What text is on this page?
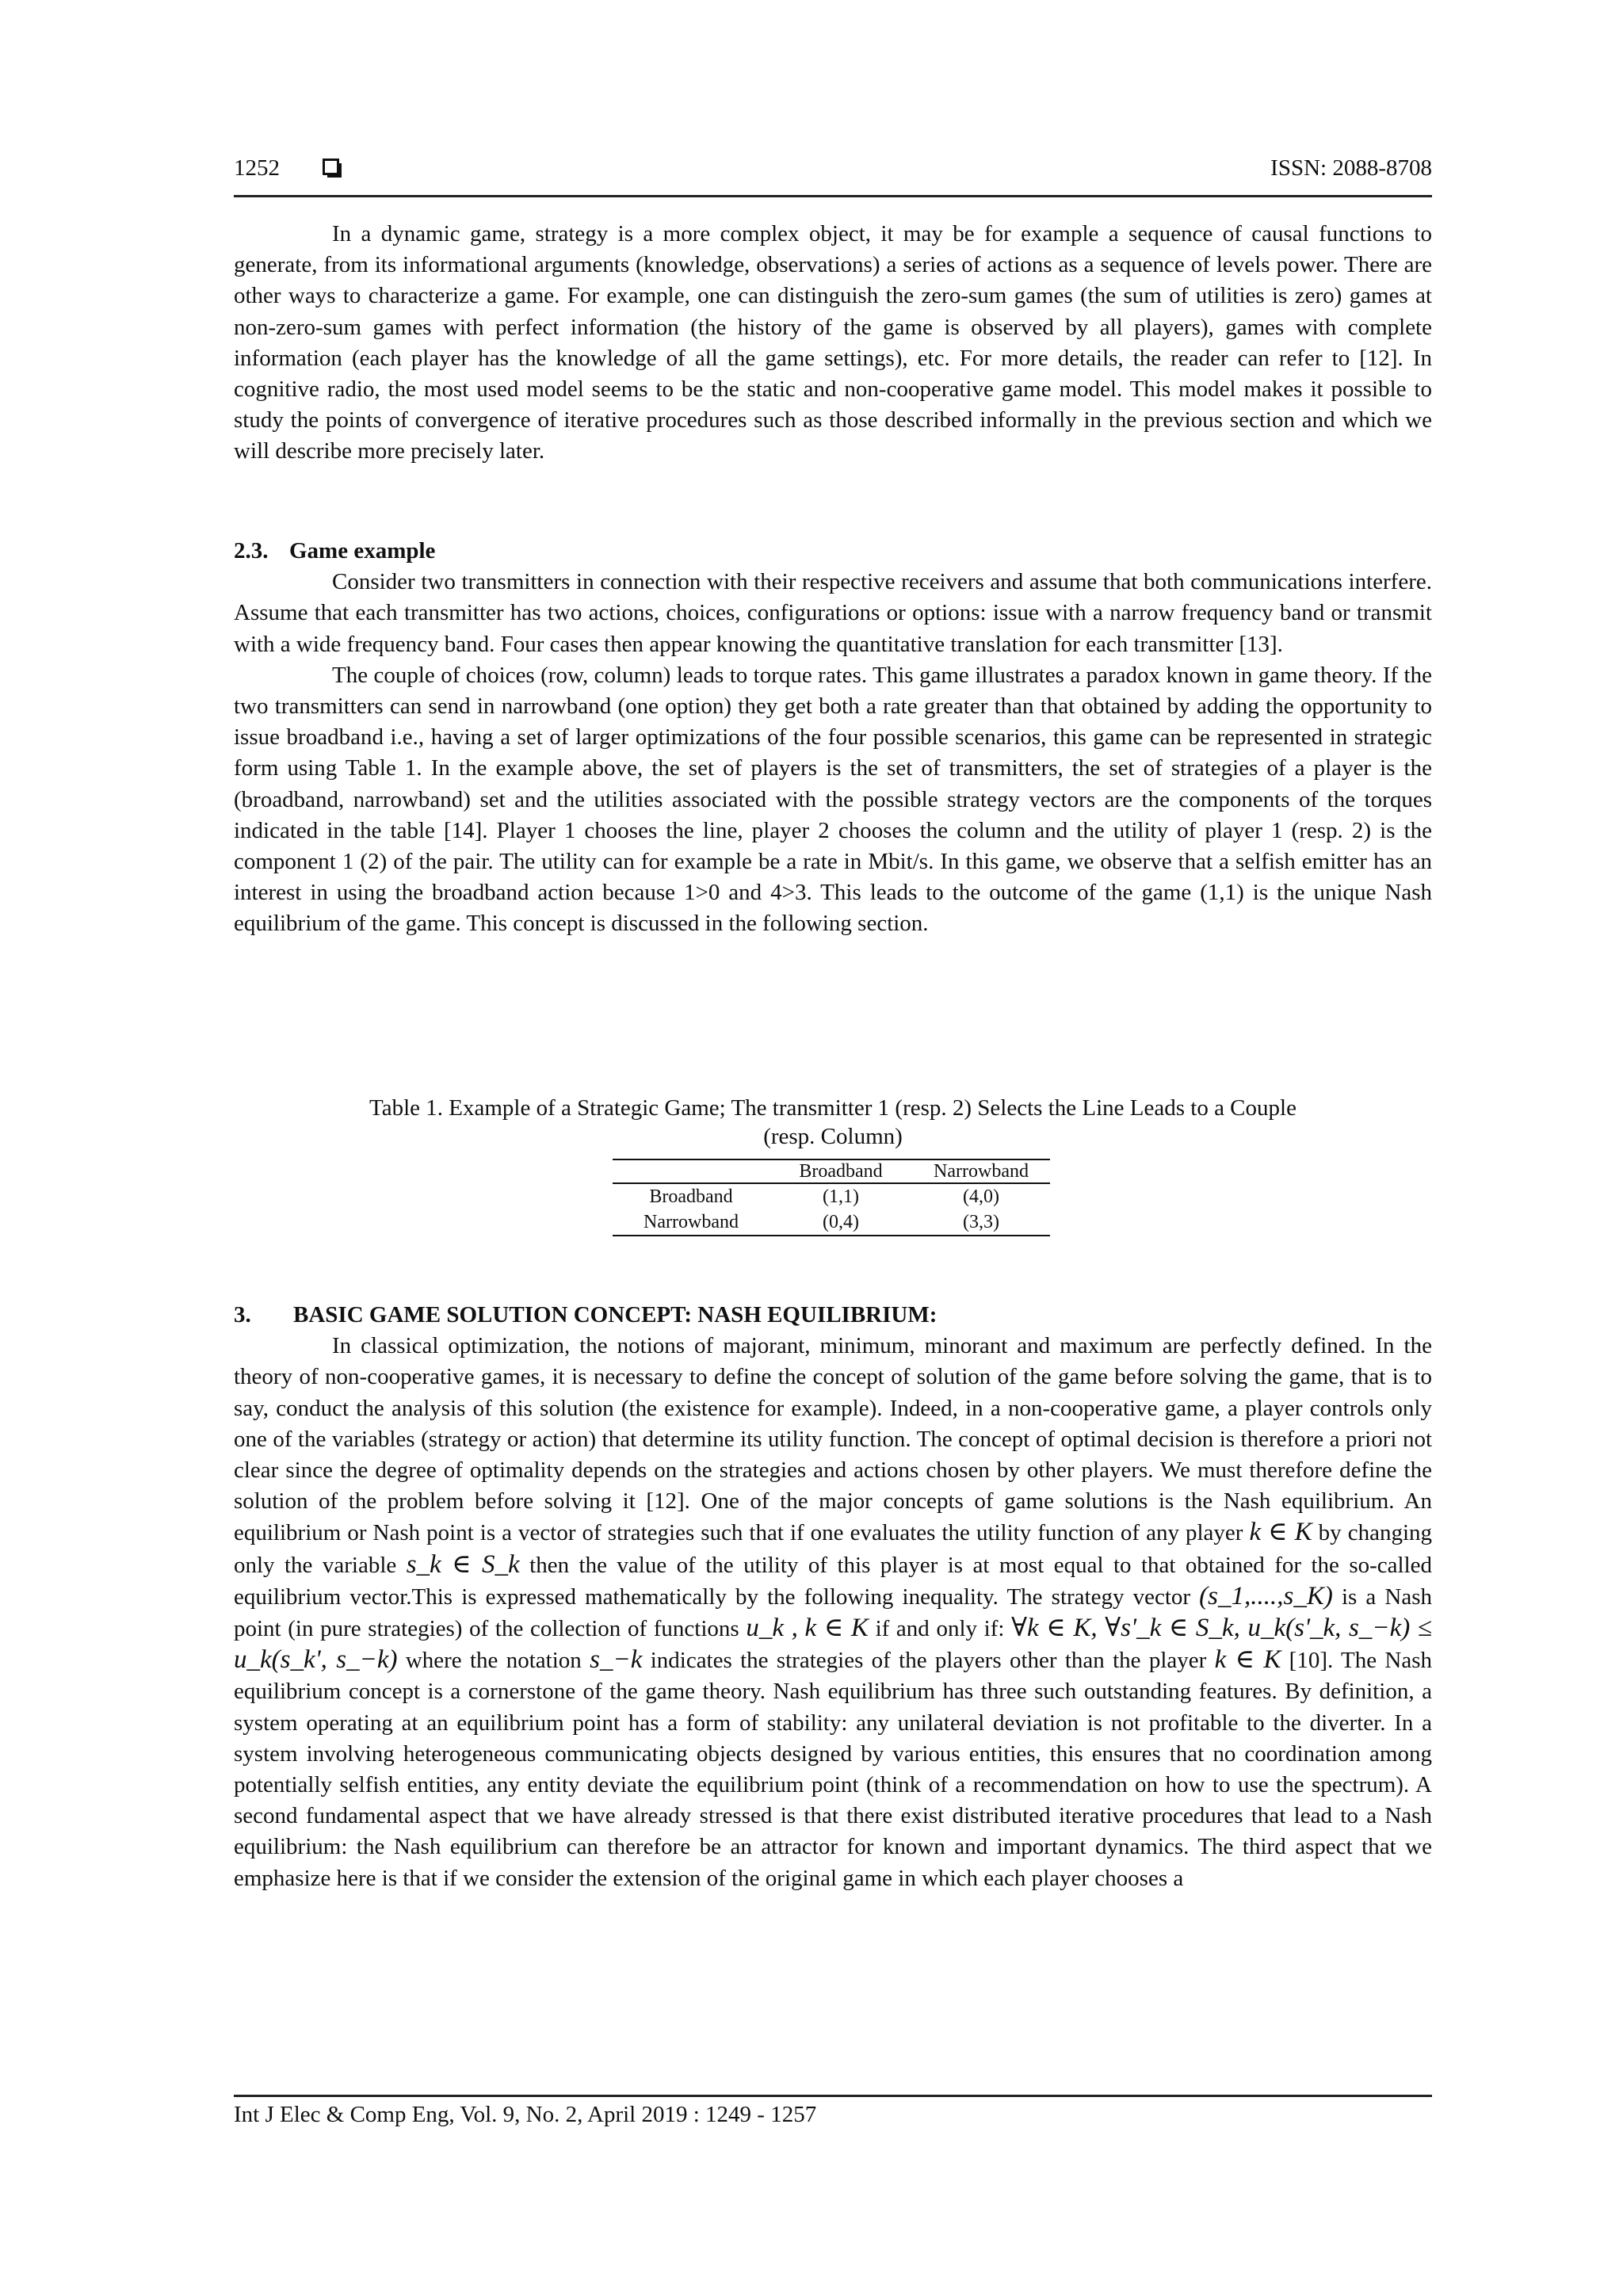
1252	ISSN: 2088-8708

In a dynamic game, strategy is a more complex object, it may be for example a sequence of causal functions to generate, from its informational arguments (knowledge, observations) a series of actions as a sequence of levels power. There are other ways to characterize a game. For example, one can distinguish the zero-sum games (the sum of utilities is zero) games at non-zero-sum games with perfect information (the history of the game is observed by all players), games with complete information (each player has the knowledge of all the game settings), etc. For more details, the reader can refer to [12]. In cognitive radio, the most used model seems to be the static and non-cooperative game model. This model makes it possible to study the points of convergence of iterative procedures such as those described informally in the previous section and which we will describe more precisely later.

2.3. Game example

Consider two transmitters in connection with their respective receivers and assume that both communications interfere. Assume that each transmitter has two actions, choices, configurations or options: issue with a narrow frequency band or transmit with a wide frequency band. Four cases then appear knowing the quantitative translation for each transmitter [13].

The couple of choices (row, column) leads to torque rates. This game illustrates a paradox known in game theory. If the two transmitters can send in narrowband (one option) they get both a rate greater than that obtained by adding the opportunity to issue broadband i.e., having a set of larger optimizations of the four possible scenarios, this game can be represented in strategic form using Table 1. In the example above, the set of players is the set of transmitters, the set of strategies of a player is the (broadband, narrowband) set and the utilities associated with the possible strategy vectors are the components of the torques indicated in the table [14]. Player 1 chooses the line, player 2 chooses the column and the utility of player 1 (resp. 2) is the component 1 (2) of the pair. The utility can for example be a rate in Mbit/s. In this game, we observe that a selfish emitter has an interest in using the broadband action because 1>0 and 4>3. This leads to the outcome of the game (1,1) is the unique Nash equilibrium of the game. This concept is discussed in the following section.

Table 1. Example of a Strategic Game; The transmitter 1 (resp. 2) Selects the Line Leads to a Couple
(resp. Column)
	Broadband	Narrowband
Broadband	(1,1)	(4,0)
Narrowband	(0,4)	(3,3)
3. BASIC GAME SOLUTION CONCEPT: NASH EQUILIBRIUM:

In classical optimization, the notions of majorant, minimum, minorant and maximum are perfectly defined. In the theory of non-cooperative games, it is necessary to define the concept of solution of the game before solving the game, that is to say, conduct the analysis of this solution (the existence for example). Indeed, in a non-cooperative game, a player controls only one of the variables (strategy or action) that determine its utility function. The concept of optimal decision is therefore a priori not clear since the degree of optimality depends on the strategies and actions chosen by other players. We must therefore define the solution of the problem before solving it [12]. One of the major concepts of game solutions is the Nash equilibrium. An equilibrium or Nash point is a vector of strategies such that if one evaluates the utility function of any player k ∈ K by changing only the variable s_k ∈ S_k then the value of the utility of this player is at most equal to that obtained for the so-called equilibrium vector.This is expressed mathematically by the following inequality. The strategy vector (s_1,....,s_K) is a Nash point (in pure strategies) of the collection of functions u_k , k ∈ K if and only if: ∀k ∈ K, ∀s'_k ∈ S_k, u_k(s'_k, s_−k) ≤ u_k(s_k', s_−k) where the notation s_−k indicates the strategies of the players other than the player k ∈ K [10]. The Nash equilibrium concept is a cornerstone of the game theory. Nash equilibrium has three such outstanding features. By definition, a system operating at an equilibrium point has a form of stability: any unilateral deviation is not profitable to the diverter. In a system involving heterogeneous communicating objects designed by various entities, this ensures that no coordination among potentially selfish entities, any entity deviate the equilibrium point (think of a recommendation on how to use the spectrum). A second fundamental aspect that we have already stressed is that there exist distributed iterative procedures that lead to a Nash equilibrium: the Nash equilibrium can therefore be an attractor for known and important dynamics. The third aspect that we emphasize here is that if we consider the extension of the original game in which each player chooses a

Int J Elec & Comp Eng, Vol. 9, No. 2, April 2019 : 1249 - 1257
